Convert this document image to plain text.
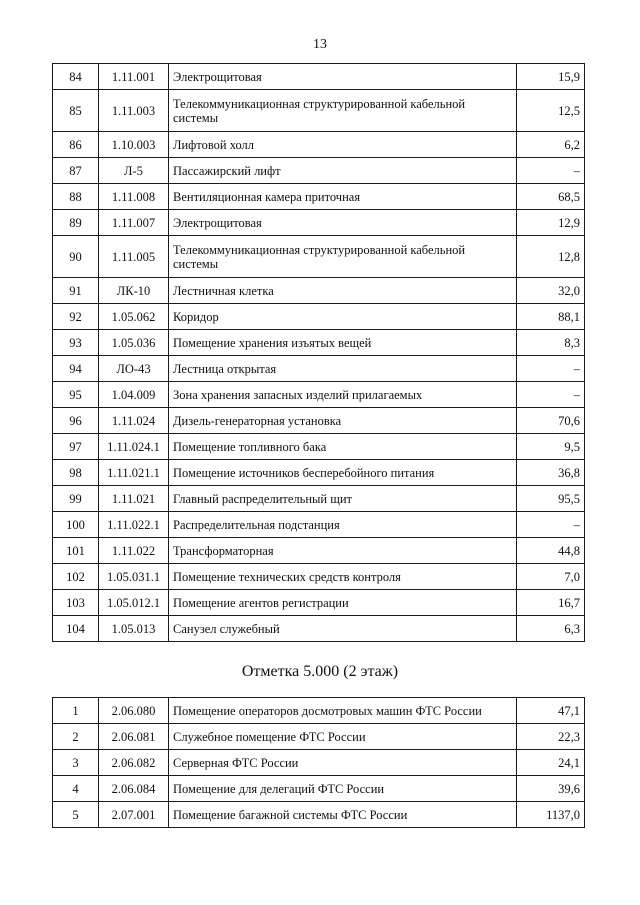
13
84	1.11.001	Электрощитовая	15,9
85	1.11.003	Телекоммуникационная структурированной кабельной системы	12,5
86	1.10.003	Лифтовой холл	6,2
87	Л-5	Пассажирский лифт	–
88	1.11.008	Вентиляционная камера приточная	68,5
89	1.11.007	Электрощитовая	12,9
90	1.11.005	Телекоммуникационная структурированной кабельной системы	12,8
91	ЛК-10	Лестничная клетка	32,0
92	1.05.062	Коридор	88,1
93	1.05.036	Помещение хранения изъятых вещей	8,3
94	ЛО-43	Лестница открытая	–
95	1.04.009	Зона хранения запасных изделий прилагаемых	–
96	1.11.024	Дизель-генераторная установка	70,6
97	1.11.024.1	Помещение топливного бака	9,5
98	1.11.021.1	Помещение источников бесперебойного питания	36,8
99	1.11.021	Главный распределительный щит	95,5
100	1.11.022.1	Распределительная подстанция	–
101	1.11.022	Трансформаторная	44,8
102	1.05.031.1	Помещение технических средств контроля	7,0
103	1.05.012.1	Помещение агентов регистрации	16,7
104	1.05.013	Санузел служебный	6,3
Отметка 5.000 (2 этаж)
1	2.06.080	Помещение операторов досмотровых машин ФТС России	47,1
2	2.06.081	Служебное помещение ФТС России	22,3
3	2.06.082	Серверная ФТС России	24,1
4	2.06.084	Помещение для делегаций ФТС России	39,6
5	2.07.001	Помещение багажной системы ФТС России	1137,0
